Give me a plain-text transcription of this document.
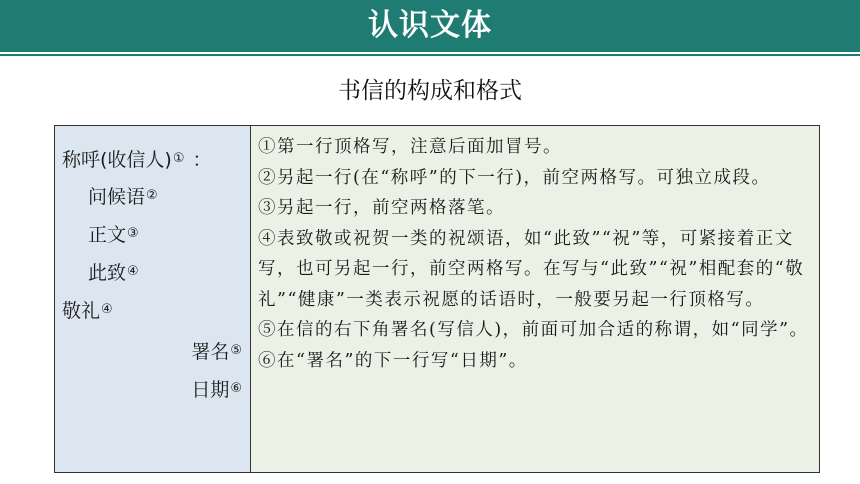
认识文体
书信的构成和格式
称呼(收信人)① ：
问候语②
正文③
此致④
敬礼④
署名⑤
日期⑥
①第一行顶格写，注意后面加冒号。
②另起一行(在“称呼”的下一行)，前空两格写。可独立成段。
③另起一行，前空两格落笔。
④表致敬或祝贺一类的祝颂语，如“此致”“祝”等，可紧接着正文写，也可另起一行，前空两格写。在写与“此致”“祝”相配套的“敬礼”“健康”一类表示祝愿的话语时，一般要另起一行顶格写。
⑤在信的右下角署名(写信人)，前面可加合适的称谓，如“同学”。
⑥在“署名”的下一行写“日期”。
